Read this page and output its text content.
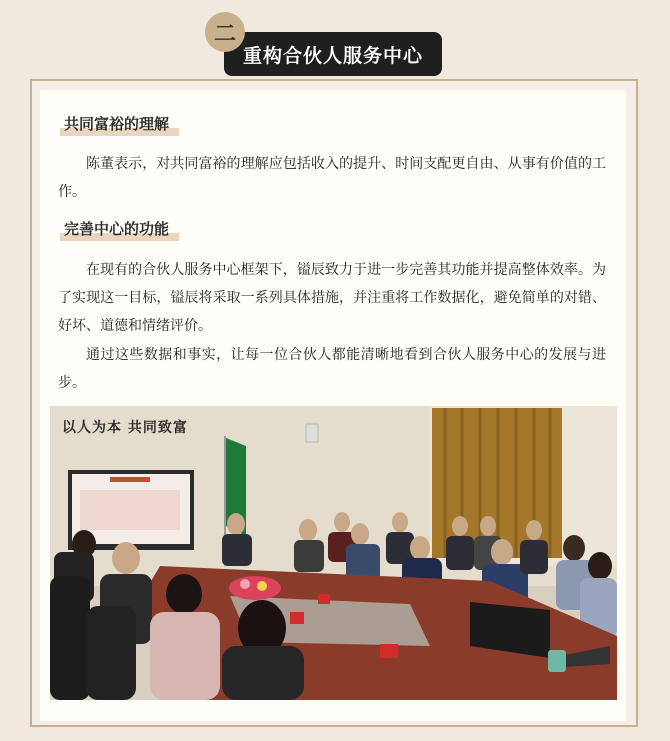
二
重构合伙人服务中心
共同富裕的理解

陈董表示，对共同富裕的理解应包括收入的提升、时间支配更自由、从事有价值的工作。

完善中心的功能

在现有的合伙人服务中心框架下，镒辰致力于进一步完善其功能并提高整体效率。为了实现这一目标，镒辰将采取一系列具体措施，并注重将工作数据化，避免简单的对错、好坏、道德和情绪评价。

通过这些数据和事实，让每一位合伙人都能清晰地看到合伙人服务中心的发展与进步。

以人为本 共同致富
